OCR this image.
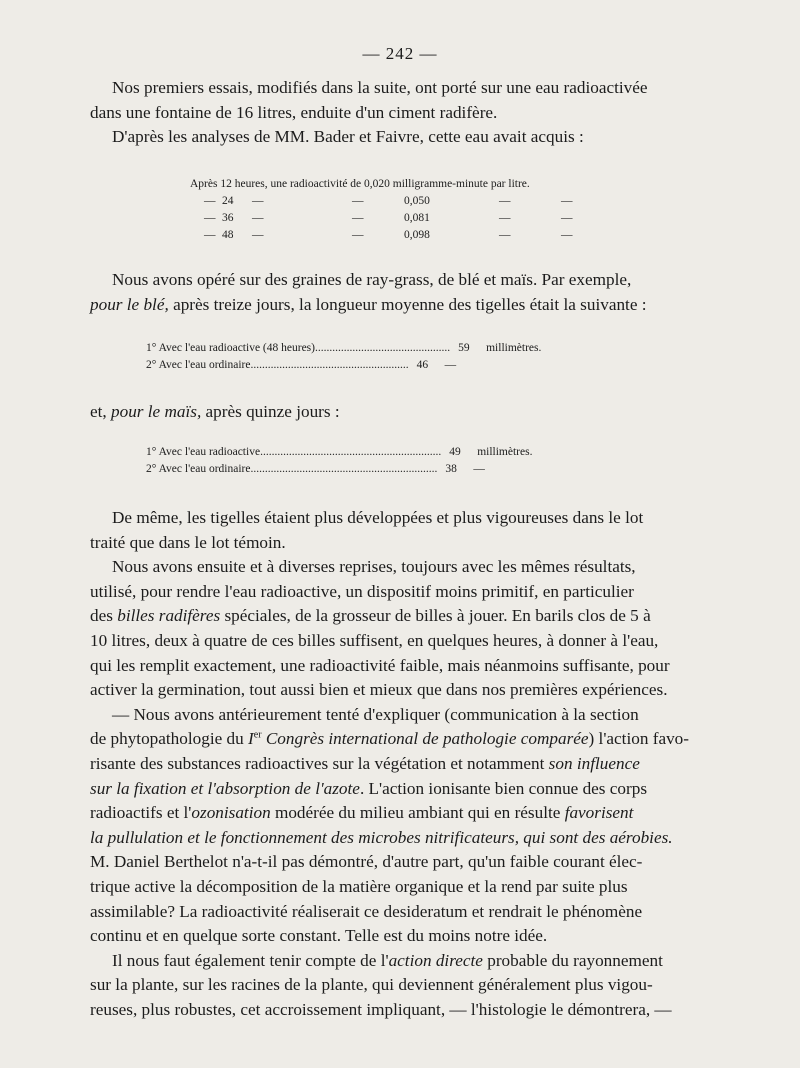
— 242 —

Nos premiers essais, modifiés dans la suite, ont porté sur une eau radioactivée

dans une fontaine de 16 litres, enduite d'un ciment radifère.

D'après les analyses de MM. Bader et Faivre, cette eau avait acquis :

Après 12 heures, une radioactivité de 0,020 milligramme-minute par litre.
— 24	—	—	0,050	—	—
— 36	—	—	0,081	—	—
— 48	—	—	0,098	—	—

Nous avons opéré sur des graines de ray-grass, de blé et maïs. Par exemple,

pour le blé, après treize jours, la longueur moyenne des tigelles était la suivante :

1° Avec l'eau radioactive (48 heures) ............................................... 59	millimètres.
2° Avec l'eau ordinaire ....................................................... 46	—

et, pour le maïs, après quinze jours :

1° Avec l'eau radioactive ............................................................... 49	millimètres.
2° Avec l'eau ordinaire ................................................................. 38	—

De même, les tigelles étaient plus développées et plus vigoureuses dans le lot

traité que dans le lot témoin.

Nous avons ensuite et à diverses reprises, toujours avec les mêmes résultats,

utilisé, pour rendre l'eau radioactive, un dispositif moins primitif, en particulier

des billes radifères spéciales, de la grosseur de billes à jouer. En barils clos de 5 à

10 litres, deux à quatre de ces billes suffisent, en quelques heures, à donner à l'eau,

qui les remplit exactement, une radioactivité faible, mais néanmoins suffisante, pour

activer la germination, tout aussi bien et mieux que dans nos premières expériences.

— Nous avons antérieurement tenté d'expliquer (communication à la section

de phytopathologie du Ier Congrès international de pathologie comparée) l'action favo-

risante des substances radioactives sur la végétation et notamment son influence

sur la fixation et l'absorption de l'azote. L'action ionisante bien connue des corps

radioactifs et l'ozonisation modérée du milieu ambiant qui en résulte favorisent

la pullulation et le fonctionnement des microbes nitrificateurs, qui sont des aérobies.

M. Daniel Berthelot n'a-t-il pas démontré, d'autre part, qu'un faible courant élec-

trique active la décomposition de la matière organique et la rend par suite plus

assimilable? La radioactivité réaliserait ce desideratum et rendrait le phénomène

continu et en quelque sorte constant. Telle est du moins notre idée.

Il nous faut également tenir compte de l'action directe probable du rayonnement

sur la plante, sur les racines de la plante, qui deviennent généralement plus vigou-

reuses, plus robustes, cet accroissement impliquant, — l'histologie le démontrera, —
